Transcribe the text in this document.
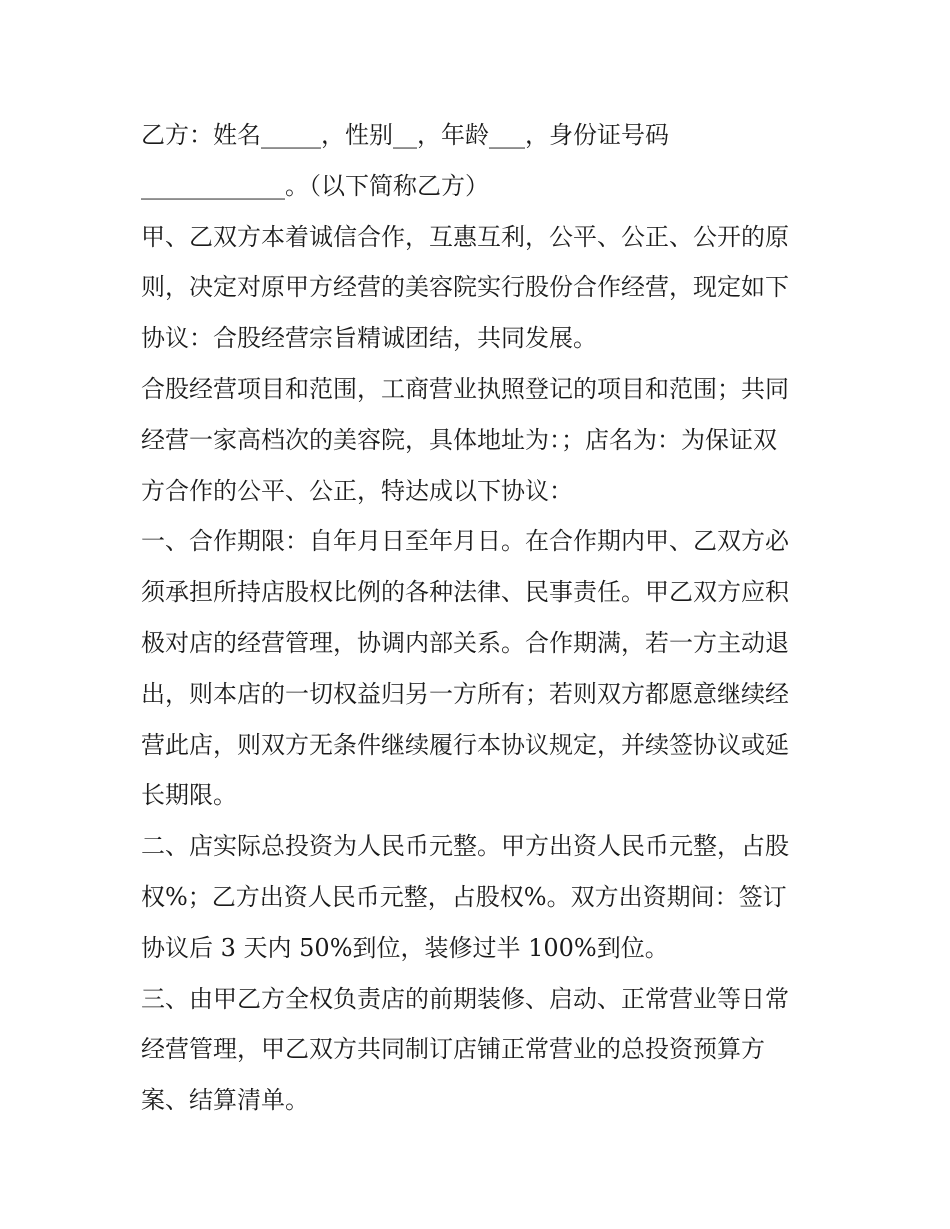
乙方：姓名_____，性别__，年龄___，身份证号码
____________。（以下简称乙方）

甲、乙双方本着诚信合作，互惠互利，公平、公正、公开的原
则，决定对原甲方经营的美容院实行股份合作经营，现定如下
协议：合股经营宗旨精诚团结，共同发展。

合股经营项目和范围，工商营业执照登记的项目和范围；共同
经营一家高档次的美容院，具体地址为：；店名为：为保证双
方合作的公平、公正，特达成以下协议：

一、合作期限：自年月日至年月日。在合作期内甲、乙双方必
须承担所持店股权比例的各种法律、民事责任。甲乙双方应积
极对店的经营管理，协调内部关系。合作期满，若一方主动退
出，则本店的一切权益归另一方所有；若则双方都愿意继续经
营此店，则双方无条件继续履行本协议规定，并续签协议或延
长期限。

二、店实际总投资为人民币元整。甲方出资人民币元整，占股
权%；乙方出资人民币元整，占股权%。双方出资期间：签订
协议后 3 天内 50%到位，装修过半 100%到位。

三、由甲乙方全权负责店的前期装修、启动、正常营业等日常
经营管理，甲乙双方共同制订店铺正常营业的总投资预算方
案、结算清单。
